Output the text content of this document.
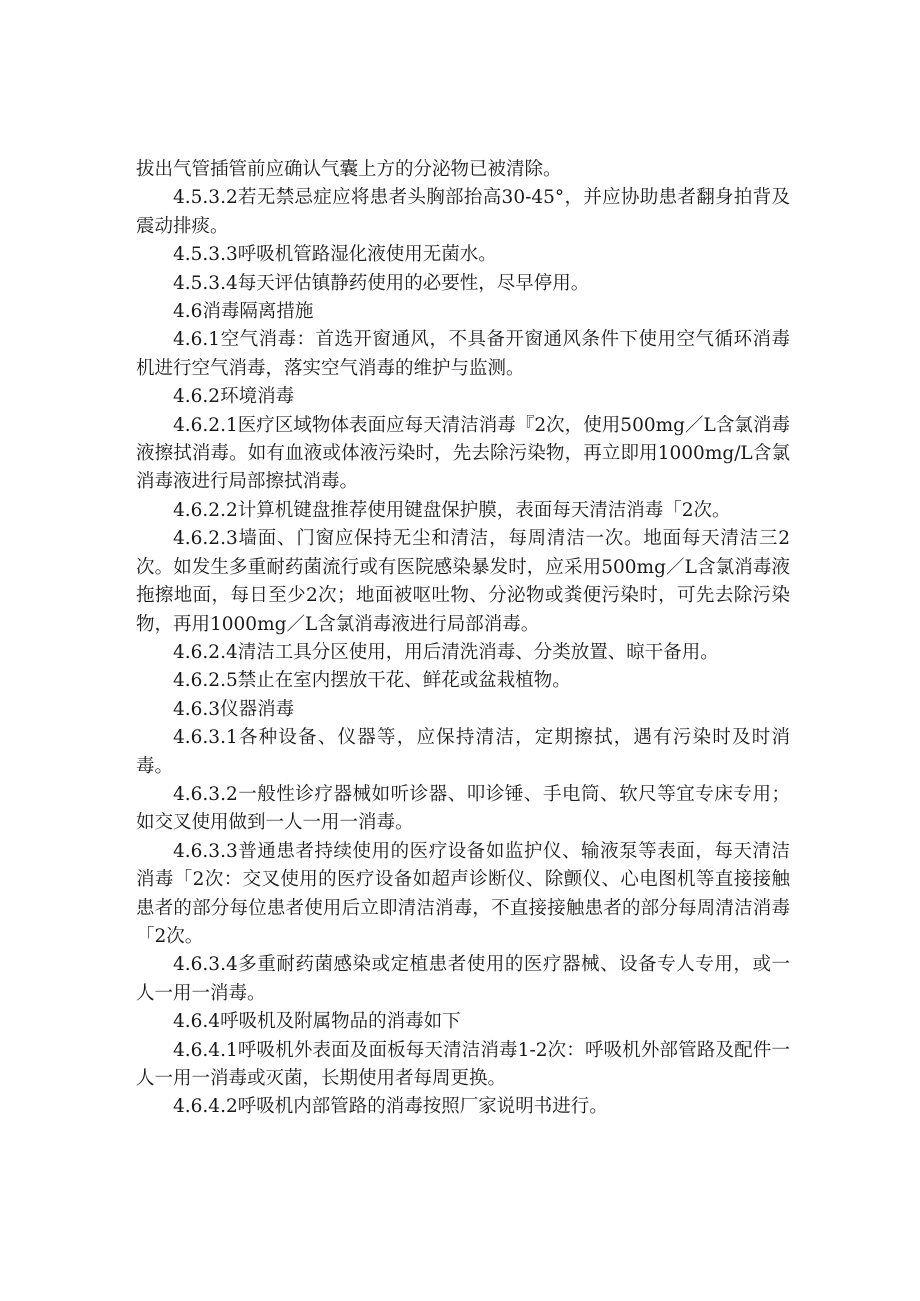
拔出气管插管前应确认气囊上方的分泌物已被清除。

4.5.3.2若无禁忌症应将患者头胸部抬高30-45°，并应协助患者翻身拍背及震动排痰。

4.5.3.3呼吸机管路湿化液使用无菌水。

4.5.3.4每天评估镇静药使用的必要性，尽早停用。

4.6消毒隔离措施

4.6.1空气消毒：首选开窗通风，不具备开窗通风条件下使用空气循环消毒机进行空气消毒，落实空气消毒的维护与监测。

4.6.2环境消毒

4.6.2.1医疗区域物体表面应每天清洁消毒『2次，使用500mg／L含氯消毒液擦拭消毒。如有血液或体液污染时，先去除污染物，再立即用1000mg/L含氯消毒液进行局部擦拭消毒。

4.6.2.2计算机键盘推荐使用键盘保护膜，表面每天清洁消毒「2次。

4.6.2.3墙面、门窗应保持无尘和清洁，每周清洁一次。地面每天清洁三2次。如发生多重耐药菌流行或有医院感染暴发时，应采用500mg／L含氯消毒液拖擦地面，每日至少2次；地面被呕吐物、分泌物或粪便污染时，可先去除污染物，再用1000mg／L含氯消毒液进行局部消毒。

4.6.2.4清洁工具分区使用，用后清洗消毒、分类放置、晾干备用。

4.6.2.5禁止在室内摆放干花、鲜花或盆栽植物。

4.6.3仪器消毒

4.6.3.1各种设备、仪器等，应保持清洁，定期擦拭，遇有污染时及时消毒。

4.6.3.2一般性诊疗器械如听诊器、叩诊锤、手电筒、软尺等宜专床专用；如交叉使用做到一人一用一消毒。

4.6.3.3普通患者持续使用的医疗设备如监护仪、输液泵等表面，每天清洁消毒「2次：交叉使用的医疗设备如超声诊断仪、除颤仪、心电图机等直接接触患者的部分每位患者使用后立即清洁消毒，不直接接触患者的部分每周清洁消毒「2次。

4.6.3.4多重耐药菌感染或定植患者使用的医疗器械、设备专人专用，或一人一用一消毒。

4.6.4呼吸机及附属物品的消毒如下

4.6.4.1呼吸机外表面及面板每天清洁消毒1-2次：呼吸机外部管路及配件一人一用一消毒或灭菌，长期使用者每周更换。

4.6.4.2呼吸机内部管路的消毒按照厂家说明书进行。
